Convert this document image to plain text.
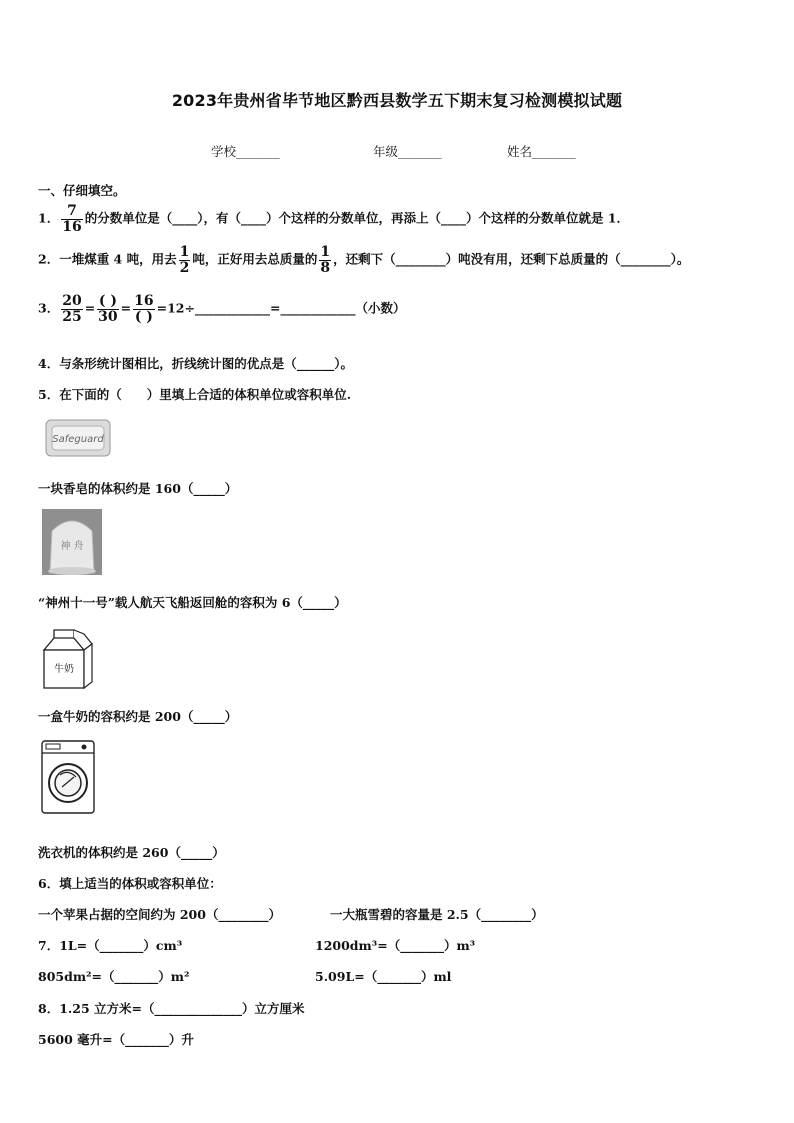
2023年贵州省毕节地区黔西县数学五下期末复习检测模拟试题
学校_______	年级_______	姓名_______
一、仔细填空。
1． $\frac{7}{16}$ 的分数单位是（____），有（____）个这样的分数单位，再添上（____）个这样的分数单位就是 1．
2．一堆煤重 4 吨，用去 $\frac{1}{2}$ 吨，正好用去总质量的 $\frac{1}{8}$ ，还剩下（________）吨没有用，还剩下总质量的（________）。
3． $\frac{20}{25} = \frac{( )}{30} = \frac{16}{( )}$ =12÷____________=____________（小数）
4．与条形统计图相比，折线统计图的优点是（______）。
5．在下面的（　　）里填上合适的体积单位或容积单位.
Safeguard
一块香皂的体积约是 160（_____）
神 舟
“神州十一号”载人航天飞船返回舱的容积为 6（_____）
牛奶
一盒牛奶的容积约是 200（_____）
洗衣机的体积约是 260（_____）
6．填上适当的体积或容积单位：
一个苹果占据的空间约为 200（________）	一大瓶雪碧的容量是 2.5（________）
7．1L=（_______）cm³	1200dm³=（_______）m³
805dm²=（_______）m²	5.09L=（_______）ml
8．1.25 立方米=（______________）立方厘米
5600 毫升=（_______）升
